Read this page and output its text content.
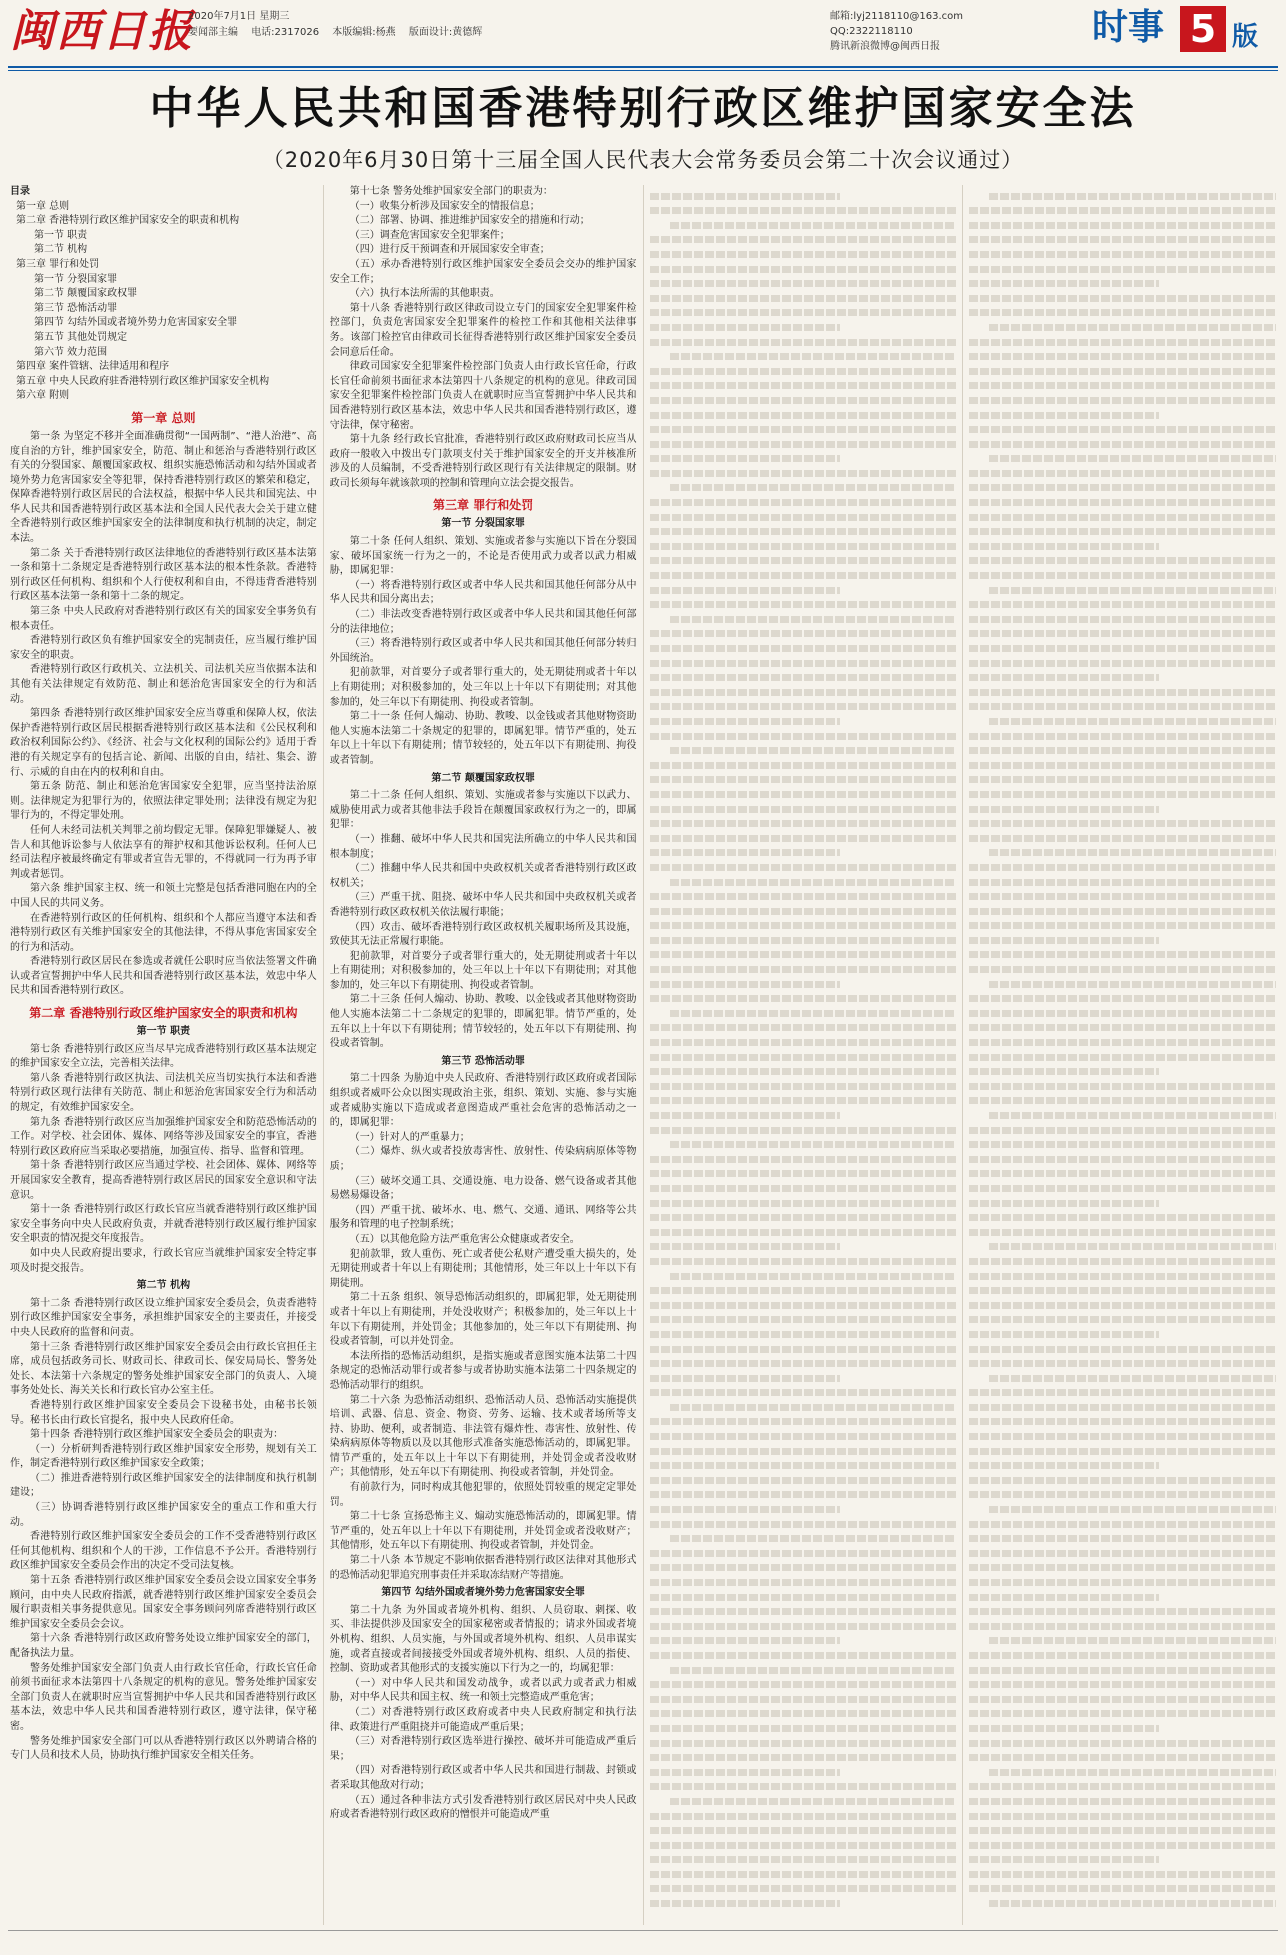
闽西日报
2020年7月1日 星期三
要闻部主编 电话:2317026 本版编辑:杨燕 版面设计:黄德辉
邮箱:lyj2118110@163.com
QQ:2322118110
腾讯新浪微博@闽西日报	时事 5 版
中华人民共和国香港特别行政区维护国家安全法
（2020年6月30日第十三届全国人民代表大会常务委员会第二十次会议通过）

目录

第一章 总则

第二章 香港特别行政区维护国家安全的职责和机构

第一节 职责

第二节 机构

第三章 罪行和处罚

第一节 分裂国家罪

第二节 颠覆国家政权罪

第三节 恐怖活动罪

第四节 勾结外国或者境外势力危害国家安全罪

第五节 其他处罚规定

第六节 效力范围

第四章 案件管辖、法律适用和程序

第五章 中央人民政府驻香港特别行政区维护国家安全机构

第六章 附则

第一章 总则

第一条 为坚定不移并全面准确贯彻“一国两制”、“港人治港”、高度自治的方针，维护国家安全，防范、制止和惩治与香港特别行政区有关的分裂国家、颠覆国家政权、组织实施恐怖活动和勾结外国或者境外势力危害国家安全等犯罪，保持香港特别行政区的繁荣和稳定，保障香港特别行政区居民的合法权益，根据中华人民共和国宪法、中华人民共和国香港特别行政区基本法和全国人民代表大会关于建立健全香港特别行政区维护国家安全的法律制度和执行机制的决定，制定本法。

第二条 关于香港特别行政区法律地位的香港特别行政区基本法第一条和第十二条规定是香港特别行政区基本法的根本性条款。香港特别行政区任何机构、组织和个人行使权利和自由，不得违背香港特别行政区基本法第一条和第十二条的规定。

第三条 中央人民政府对香港特别行政区有关的国家安全事务负有根本责任。

香港特别行政区负有维护国家安全的宪制责任，应当履行维护国家安全的职责。

香港特别行政区行政机关、立法机关、司法机关应当依据本法和其他有关法律规定有效防范、制止和惩治危害国家安全的行为和活动。

第四条 香港特别行政区维护国家安全应当尊重和保障人权，依法保护香港特别行政区居民根据香港特别行政区基本法和《公民权利和政治权利国际公约》、《经济、社会与文化权利的国际公约》适用于香港的有关规定享有的包括言论、新闻、出版的自由，结社、集会、游行、示威的自由在内的权利和自由。

第五条 防范、制止和惩治危害国家安全犯罪，应当坚持法治原则。法律规定为犯罪行为的，依照法律定罪处刑；法律没有规定为犯罪行为的，不得定罪处刑。

任何人未经司法机关判罪之前均假定无罪。保障犯罪嫌疑人、被告人和其他诉讼参与人依法享有的辩护权和其他诉讼权利。任何人已经司法程序被最终确定有罪或者宣告无罪的，不得就同一行为再予审判或者惩罚。

第六条 维护国家主权、统一和领土完整是包括香港同胞在内的全中国人民的共同义务。

在香港特别行政区的任何机构、组织和个人都应当遵守本法和香港特别行政区有关维护国家安全的其他法律，不得从事危害国家安全的行为和活动。

香港特别行政区居民在参选或者就任公职时应当依法签署文件确认或者宣誓拥护中华人民共和国香港特别行政区基本法，效忠中华人民共和国香港特别行政区。

第二章 香港特别行政区维护国家安全的职责和机构
第一节 职责

第七条 香港特别行政区应当尽早完成香港特别行政区基本法规定的维护国家安全立法，完善相关法律。

第八条 香港特别行政区执法、司法机关应当切实执行本法和香港特别行政区现行法律有关防范、制止和惩治危害国家安全行为和活动的规定，有效维护国家安全。

第九条 香港特别行政区应当加强维护国家安全和防范恐怖活动的工作。对学校、社会团体、媒体、网络等涉及国家安全的事宜，香港特别行政区政府应当采取必要措施，加强宣传、指导、监督和管理。

第十条 香港特别行政区应当通过学校、社会团体、媒体、网络等开展国家安全教育，提高香港特别行政区居民的国家安全意识和守法意识。

第十一条 香港特别行政区行政长官应当就香港特别行政区维护国家安全事务向中央人民政府负责，并就香港特别行政区履行维护国家安全职责的情况提交年度报告。

如中央人民政府提出要求，行政长官应当就维护国家安全特定事项及时提交报告。

第二节 机构

第十二条 香港特别行政区设立维护国家安全委员会，负责香港特别行政区维护国家安全事务，承担维护国家安全的主要责任，并接受中央人民政府的监督和问责。

第十三条 香港特别行政区维护国家安全委员会由行政长官担任主席，成员包括政务司长、财政司长、律政司长、保安局局长、警务处处长、本法第十六条规定的警务处维护国家安全部门的负责人、入境事务处处长、海关关长和行政长官办公室主任。

香港特别行政区维护国家安全委员会下设秘书处，由秘书长领导。秘书长由行政长官提名，报中央人民政府任命。

第十四条 香港特别行政区维护国家安全委员会的职责为：

（一）分析研判香港特别行政区维护国家安全形势，规划有关工作，制定香港特别行政区维护国家安全政策；

（二）推进香港特别行政区维护国家安全的法律制度和执行机制建设；

（三）协调香港特别行政区维护国家安全的重点工作和重大行动。

香港特别行政区维护国家安全委员会的工作不受香港特别行政区任何其他机构、组织和个人的干涉，工作信息不予公开。香港特别行政区维护国家安全委员会作出的决定不受司法复核。

第十五条 香港特别行政区维护国家安全委员会设立国家安全事务顾问，由中央人民政府指派，就香港特别行政区维护国家安全委员会履行职责相关事务提供意见。国家安全事务顾问列席香港特别行政区维护国家安全委员会会议。

第十六条 香港特别行政区政府警务处设立维护国家安全的部门，配备执法力量。

警务处维护国家安全部门负责人由行政长官任命，行政长官任命前须书面征求本法第四十八条规定的机构的意见。警务处维护国家安全部门负责人在就职时应当宣誓拥护中华人民共和国香港特别行政区基本法，效忠中华人民共和国香港特别行政区，遵守法律，保守秘密。

警务处维护国家安全部门可以从香港特别行政区以外聘请合格的专门人员和技术人员，协助执行维护国家安全相关任务。

第十七条 警务处维护国家安全部门的职责为：

（一）收集分析涉及国家安全的情报信息；

（二）部署、协调、推进维护国家安全的措施和行动；

（三）调查危害国家安全犯罪案件；

（四）进行反干预调查和开展国家安全审查；

（五）承办香港特别行政区维护国家安全委员会交办的维护国家安全工作；

（六）执行本法所需的其他职责。

第十八条 香港特别行政区律政司设立专门的国家安全犯罪案件检控部门，负责危害国家安全犯罪案件的检控工作和其他相关法律事务。该部门检控官由律政司长征得香港特别行政区维护国家安全委员会同意后任命。

律政司国家安全犯罪案件检控部门负责人由行政长官任命，行政长官任命前须书面征求本法第四十八条规定的机构的意见。律政司国家安全犯罪案件检控部门负责人在就职时应当宣誓拥护中华人民共和国香港特别行政区基本法，效忠中华人民共和国香港特别行政区，遵守法律，保守秘密。

第十九条 经行政长官批准，香港特别行政区政府财政司长应当从政府一般收入中拨出专门款项支付关于维护国家安全的开支并核准所涉及的人员编制，不受香港特别行政区现行有关法律规定的限制。财政司长须每年就该款项的控制和管理向立法会提交报告。

第三章 罪行和处罚
第一节 分裂国家罪

第二十条 任何人组织、策划、实施或者参与实施以下旨在分裂国家、破坏国家统一行为之一的，不论是否使用武力或者以武力相威胁，即属犯罪：

（一）将香港特别行政区或者中华人民共和国其他任何部分从中华人民共和国分离出去；

（二）非法改变香港特别行政区或者中华人民共和国其他任何部分的法律地位；

（三）将香港特别行政区或者中华人民共和国其他任何部分转归外国统治。

犯前款罪，对首要分子或者罪行重大的，处无期徒刑或者十年以上有期徒刑；对积极参加的，处三年以上十年以下有期徒刑；对其他参加的，处三年以下有期徒刑、拘役或者管制。

第二十一条 任何人煽动、协助、教唆、以金钱或者其他财物资助他人实施本法第二十条规定的犯罪的，即属犯罪。情节严重的，处五年以上十年以下有期徒刑；情节较轻的，处五年以下有期徒刑、拘役或者管制。

第二节 颠覆国家政权罪

第二十二条 任何人组织、策划、实施或者参与实施以下以武力、威胁使用武力或者其他非法手段旨在颠覆国家政权行为之一的，即属犯罪：

（一）推翻、破坏中华人民共和国宪法所确立的中华人民共和国根本制度；

（二）推翻中华人民共和国中央政权机关或者香港特别行政区政权机关；

（三）严重干扰、阻挠、破坏中华人民共和国中央政权机关或者香港特别行政区政权机关依法履行职能；

（四）攻击、破坏香港特别行政区政权机关履职场所及其设施，致使其无法正常履行职能。

犯前款罪，对首要分子或者罪行重大的，处无期徒刑或者十年以上有期徒刑；对积极参加的，处三年以上十年以下有期徒刑；对其他参加的，处三年以下有期徒刑、拘役或者管制。

第二十三条 任何人煽动、协助、教唆、以金钱或者其他财物资助他人实施本法第二十二条规定的犯罪的，即属犯罪。情节严重的，处五年以上十年以下有期徒刑；情节较轻的，处五年以下有期徒刑、拘役或者管制。

第三节 恐怖活动罪

第二十四条 为胁迫中央人民政府、香港特别行政区政府或者国际组织或者威吓公众以图实现政治主张，组织、策划、实施、参与实施或者威胁实施以下造成或者意图造成严重社会危害的恐怖活动之一的，即属犯罪：

（一）针对人的严重暴力；

（二）爆炸、纵火或者投放毒害性、放射性、传染病病原体等物质；

（三）破坏交通工具、交通设施、电力设备、燃气设备或者其他易燃易爆设备；

（四）严重干扰、破坏水、电、燃气、交通、通讯、网络等公共服务和管理的电子控制系统；

（五）以其他危险方法严重危害公众健康或者安全。

犯前款罪，致人重伤、死亡或者使公私财产遭受重大损失的，处无期徒刑或者十年以上有期徒刑；其他情形，处三年以上十年以下有期徒刑。

第二十五条 组织、领导恐怖活动组织的，即属犯罪，处无期徒刑或者十年以上有期徒刑，并处没收财产；积极参加的，处三年以上十年以下有期徒刑，并处罚金；其他参加的，处三年以下有期徒刑、拘役或者管制，可以并处罚金。

本法所指的恐怖活动组织，是指实施或者意图实施本法第二十四条规定的恐怖活动罪行或者参与或者协助实施本法第二十四条规定的恐怖活动罪行的组织。

第二十六条 为恐怖活动组织、恐怖活动人员、恐怖活动实施提供培训、武器、信息、资金、物资、劳务、运输、技术或者场所等支持、协助、便利，或者制造、非法管有爆炸性、毒害性、放射性、传染病病原体等物质以及以其他形式准备实施恐怖活动的，即属犯罪。情节严重的，处五年以上十年以下有期徒刑，并处罚金或者没收财产；其他情形，处五年以下有期徒刑、拘役或者管制，并处罚金。

有前款行为，同时构成其他犯罪的，依照处罚较重的规定定罪处罚。

第二十七条 宣扬恐怖主义、煽动实施恐怖活动的，即属犯罪。情节严重的，处五年以上十年以下有期徒刑，并处罚金或者没收财产；其他情形，处五年以下有期徒刑、拘役或者管制，并处罚金。

第二十八条 本节规定不影响依据香港特别行政区法律对其他形式的恐怖活动犯罪追究刑事责任并采取冻结财产等措施。

第四节 勾结外国或者境外势力危害国家安全罪

第二十九条 为外国或者境外机构、组织、人员窃取、刺探、收买、非法提供涉及国家安全的国家秘密或者情报的；请求外国或者境外机构、组织、人员实施，与外国或者境外机构、组织、人员串谋实施，或者直接或者间接接受外国或者境外机构、组织、人员的指使、控制、资助或者其他形式的支援实施以下行为之一的，均属犯罪：

（一）对中华人民共和国发动战争，或者以武力或者武力相威胁，对中华人民共和国主权、统一和领土完整造成严重危害；

（二）对香港特别行政区政府或者中央人民政府制定和执行法律、政策进行严重阻挠并可能造成严重后果；

（三）对香港特别行政区选举进行操控、破坏并可能造成严重后果；

（四）对香港特别行政区或者中华人民共和国进行制裁、封锁或者采取其他敌对行动；

（五）通过各种非法方式引发香港特别行政区居民对中央人民政府或者香港特别行政区政府的憎恨并可能造成严重
